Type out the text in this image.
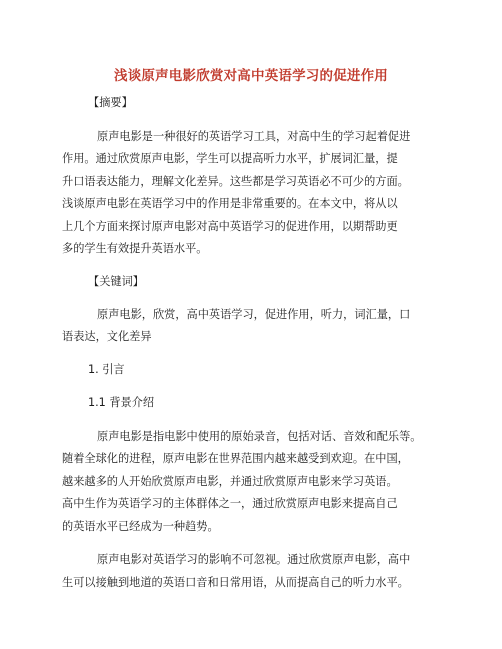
浅谈原声电影欣赏对高中英语学习的促进作用
【摘要】
原声电影是一种很好的英语学习工具，对高中生的学习起着促进
作用。通过欣赏原声电影，学生可以提高听力水平，扩展词汇量，提
升口语表达能力，理解文化差异。这些都是学习英语必不可少的方面。
浅谈原声电影在英语学习中的作用是非常重要的。在本文中，将从以
上几个方面来探讨原声电影对高中英语学习的促进作用，以期帮助更
多的学生有效提升英语水平。
【关键词】
原声电影，欣赏，高中英语学习，促进作用，听力，词汇量，口
语表达，文化差异
1. 引言
1.1 背景介绍
原声电影是指电影中使用的原始录音，包括对话、音效和配乐等。
随着全球化的进程，原声电影在世界范围内越来越受到欢迎。在中国，
越来越多的人开始欣赏原声电影，并通过欣赏原声电影来学习英语。
高中生作为英语学习的主体群体之一，通过欣赏原声电影来提高自己
的英语水平已经成为一种趋势。
原声电影对英语学习的影响不可忽视。通过欣赏原声电影，高中
生可以接触到地道的英语口音和日常用语，从而提高自己的听力水平。
